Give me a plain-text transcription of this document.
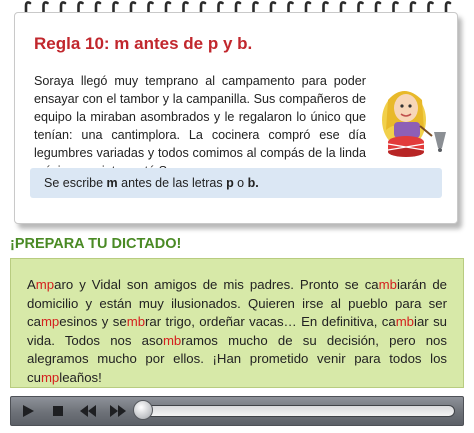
Regla 10: m antes de p y b.

Soraya llegó muy temprano al campamento para poder ensayar con el tambor y la campanilla. Sus compañeros de equipo la miraban asombrados y le regalaron lo único que tenían: una cantimplora. La cocinera compró ese día legumbres variadas y todos comimos al compás de la linda

Se escribe m antes de las letras p o b.
¡PREPARA TU DICTADO!

Amparo y Vidal son amigos de mis padres. Pronto se cambiarán de domicilio y están muy ilusionados. Quieren irse al pueblo para ser campesinos y sembrar trigo, ordeñar vacas… En definitiva, cambiar su vida. Todos nos asombramos mucho de su decisión, pero nos alegramos mucho por ellos. ¡Han prometido venir para todos los cumpleaños!
